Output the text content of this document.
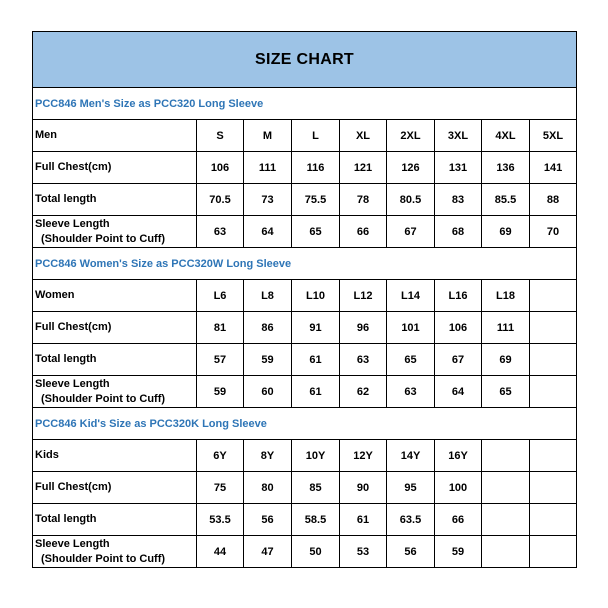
SIZE CHART								
PCC846 Men's Size as PCC320 Long Sleeve								

Men	S	M	L	XL	2XL	3XL	4XL	5XL

Full Chest(cm)	106	111	116	121	126	131	136	141

Total length	70.5	73	75.5	78	80.5	83	85.5	88

Sleeve Length
(Shoulder Point to Cuff)	63	64	65	66	67	68	69	70
PCC846 Women's Size as PCC320W Long Sleeve								

Women	L6	L8	L10	L12	L14	L16	L18	

Full Chest(cm)	81	86	91	96	101	106	111	

Total length	57	59	61	63	65	67	69	

Sleeve Length
(Shoulder Point to Cuff)	59	60	61	62	63	64	65	
PCC846 Kid's Size as PCC320K Long Sleeve								

Kids	6Y	8Y	10Y	12Y	14Y	16Y		

Full Chest(cm)	75	80	85	90	95	100		

Total length	53.5	56	58.5	61	63.5	66		

Sleeve Length
(Shoulder Point to Cuff)	44	47	50	53	56	59		
